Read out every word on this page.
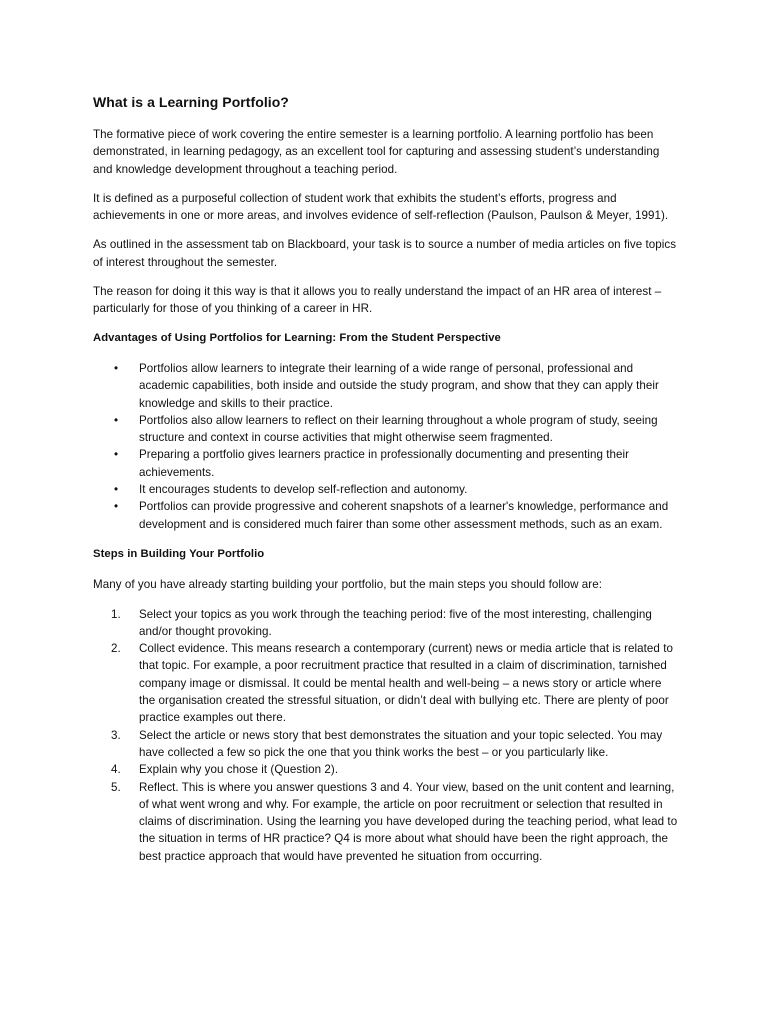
What is a Learning Portfolio?

The formative piece of work covering the entire semester is a learning portfolio. A learning portfolio has been demonstrated, in learning pedagogy, as an excellent tool for capturing and assessing student’s understanding and knowledge development throughout a teaching period.

It is defined as a purposeful collection of student work that exhibits the student’s efforts, progress and achievements in one or more areas, and involves evidence of self-reflection (Paulson, Paulson & Meyer, 1991).

As outlined in the assessment tab on Blackboard, your task is to source a number of media articles on five topics of interest throughout the semester.

The reason for doing it this way is that it allows you to really understand the impact of an HR area of interest – particularly for those of you thinking of a career in HR.

Advantages of Using Portfolios for Learning: From the Student Perspective

• Portfolios allow learners to integrate their learning of a wide range of personal, professional and academic capabilities, both inside and outside the study program, and show that they can apply their knowledge and skills to their practice.
• Portfolios also allow learners to reflect on their learning throughout a whole program of study, seeing structure and context in course activities that might otherwise seem fragmented.
• Preparing a portfolio gives learners practice in professionally documenting and presenting their achievements.
• It encourages students to develop self-reflection and autonomy.
• Portfolios can provide progressive and coherent snapshots of a learner's knowledge, performance and development and is considered much fairer than some other assessment methods, such as an exam.

Steps in Building Your Portfolio

Many of you have already starting building your portfolio, but the main steps you should follow are:

1. Select your topics as you work through the teaching period: five of the most interesting, challenging and/or thought provoking.
2. Collect evidence. This means research a contemporary (current) news or media article that is related to that topic. For example, a poor recruitment practice that resulted in a claim of discrimination, tarnished company image or dismissal. It could be mental health and well-being – a news story or article where the organisation created the stressful situation, or didn’t deal with bullying etc. There are plenty of poor practice examples out there.
3. Select the article or news story that best demonstrates the situation and your topic selected. You may have collected a few so pick the one that you think works the best – or you particularly like.
4. Explain why you chose it (Question 2).
5. Reflect. This is where you answer questions 3 and 4. Your view, based on the unit content and learning, of what went wrong and why. For example, the article on poor recruitment or selection that resulted in claims of discrimination. Using the learning you have developed during the teaching period, what lead to the situation in terms of HR practice? Q4 is more about what should have been the right approach, the best practice approach that would have prevented he situation from occurring.
